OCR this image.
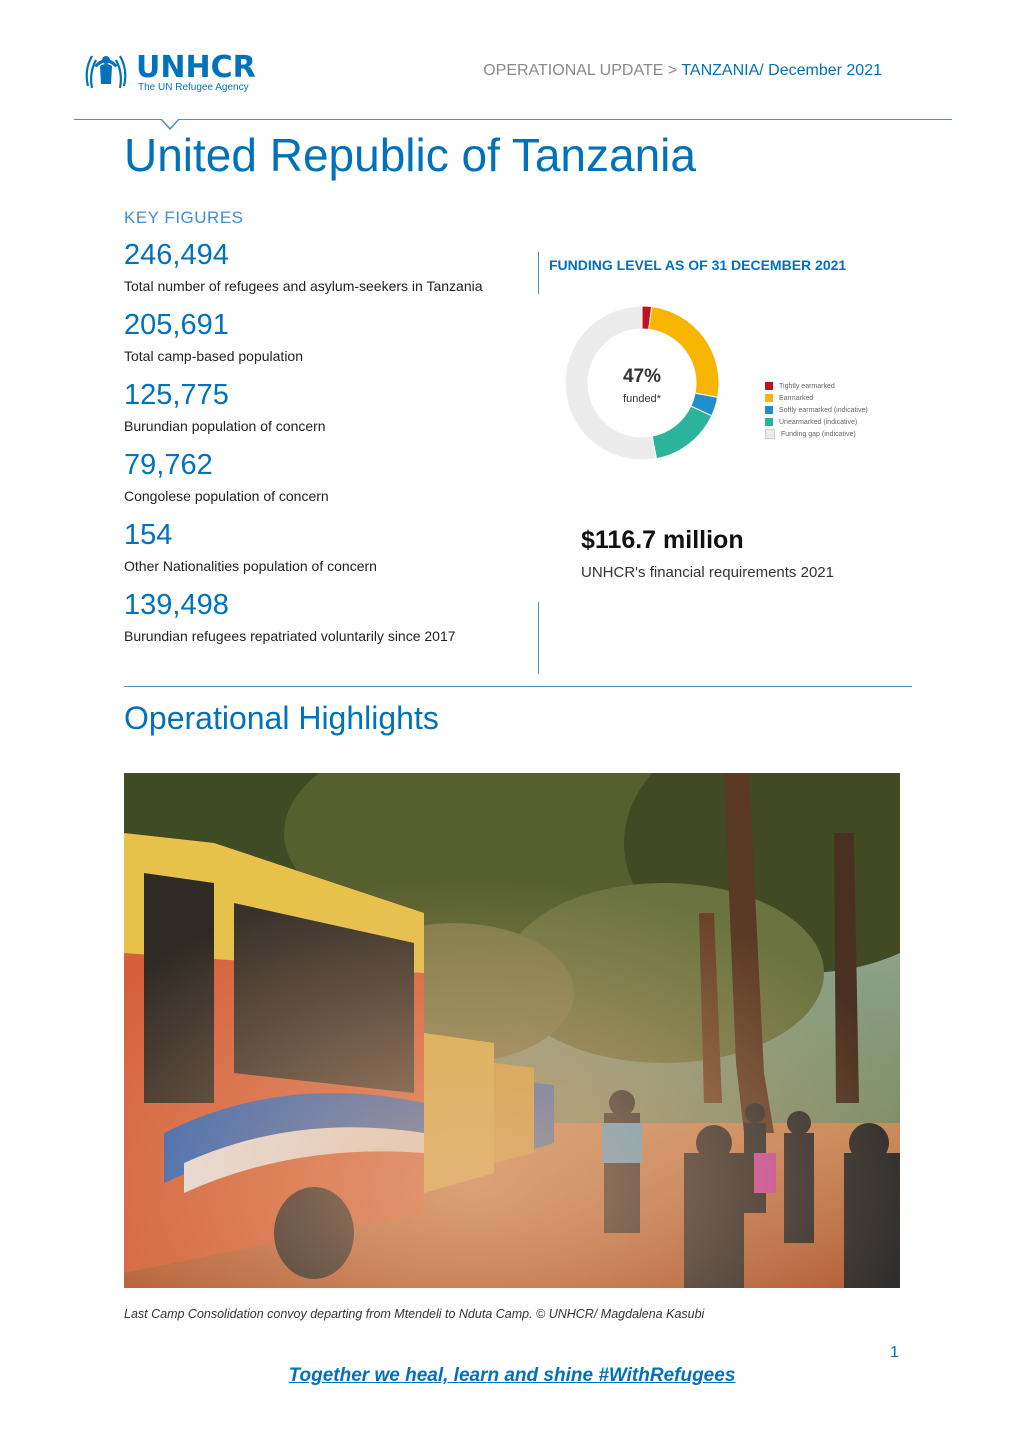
UNHCR
The UN Refugee Agency
OPERATIONAL UPDATE > TANZANIA/ December 2021
United Republic of Tanzania
KEY FIGURES
246,494
Total number of refugees and asylum-seekers in Tanzania
205,691
Total camp-based population
125,775
Burundian population of concern
79,762
Congolese population of concern
154
Other Nationalities population of concern
139,498
Burundian refugees repatriated voluntarily since 2017
FUNDING LEVEL AS OF 31 DECEMBER 2021
47%
funded*
Tightly earmarked
Earmarked
Softly earmarked (indicative)
Unearmarked (indicative)
Funding gap (indicative)
$116.7 million
UNHCR's financial requirements 2021
Operational Highlights
Last Camp Consolidation convoy departing from Mtendeli to Nduta Camp. © UNHCR/ Magdalena Kasubi
1
Together we heal, learn and shine #WithRefugees
